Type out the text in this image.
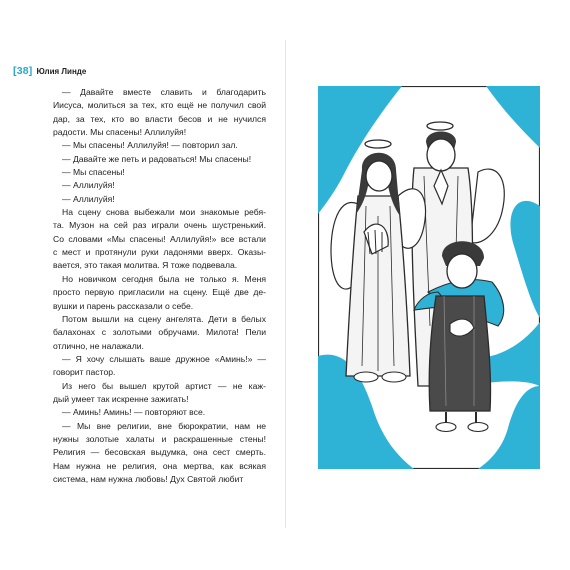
[38] Юлия Линде
— Давайте вместе славить и благодарить
Иисуса, молиться за тех, кто ещё не получил свой
дар, за тех, кто во власти бесов и не нучился
радости. Мы спасены! Аллилуйя!
— Мы спасены! Аллилуйя! — повторил зал.
— Давайте же петь и радоваться! Мы спасены!
— Мы спасены!
— Аллилуйя!
— Аллилуйя!
На сцену снова выбежали мои знакомые ребя-
та. Музон на сей раз играли очень шустренький.
Со словами «Мы спасены! Аллилуйя!» все встали
с мест и протянули руки ладонями вверх. Оказы-
вается, это такая молитва. Я тоже подвевала.
Но новичком сегодня была не только я. Меня
просто первую пригласили на сцену. Ещё две де-
вушки и парень рассказали о себе.
Потом вышли на сцену ангелята. Дети в белых
балахонах с золотыми обручами. Милота! Пели
отлично, не налажали.
— Я хочу слышать ваше дружное «Аминь!» —
говорит пастор.
Из него бы вышел крутой артист — не каж-
дый умеет так искренне зажигать!
— Аминь! Аминь! — повторяют все.
— Мы вне религии, вне бюрократии, нам не
нужны золотые халаты и раскрашенные стены!
Религия — бесовская выдумка, она сест смерть.
Нам нужна не религия, она мертва, как всякая
система, нам нужна любовь! Дух Святой любит
